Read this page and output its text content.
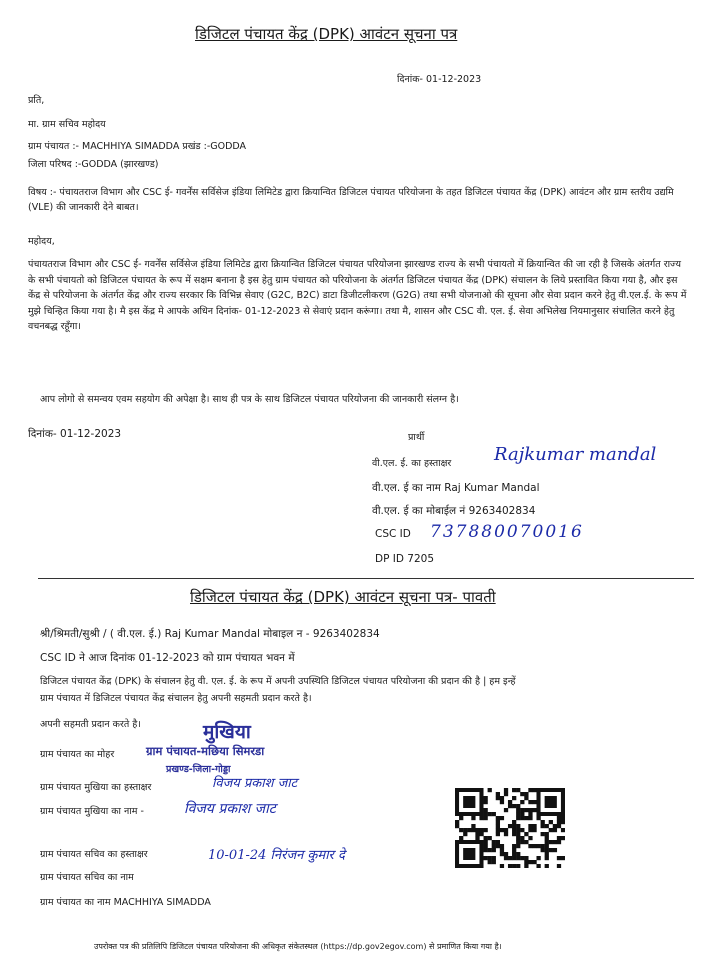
डिजिटल पंचायत केंद्र (DPK) आवंटन सूचना पत्र
दिनांक- 01-12-2023
प्रति,
मा. ग्राम सचिव महोदय
ग्राम पंचायत :- MACHHIYA SIMADDA प्रखंड :-GODDA
जिला परिषद :-GODDA (झारखण्ड)
विषय :- पंचायतराज विभाग और CSC ई- गवर्नेंस सर्विसेज इंडिया लिमिटेड द्वारा क्रियान्वित डिजिटल पंचायत परियोजना के तहत डिजिटल पंचायत केंद्र (DPK) आवंटन और ग्राम स्तरीय उद्यमि (VLE) की जानकारी देने बाबत।
महोदय,
पंचायतराज विभाग और CSC ई- गवर्नेंस सर्विसेज इंडिया लिमिटेड द्वारा क्रियान्वित डिजिटल पंचायत परियोजना झारखण्ड राज्य के सभी पंचायतो में क्रियान्वित की जा रही है जिसके अंतर्गत राज्य के सभी पंचायतो को डिजिटल पंचायत के रूप में सक्षम बनाना है इस हेतु ग्राम पंचायत को परियोजना के अंतर्गत डिजिटल पंचायत केंद्र (DPK) संचालन के लिये प्रस्तावित किया गया है, और इस केंद्र से परियोजना के अंतर्गत केंद्र और राज्य सरकार कि विभिन्न सेवाए (G2C, B2C) डाटा डिजीटलीकरण (G2G) तथा सभी योजनाओ की सूचना और सेवा प्रदान करने हेतु वी.एल.ई. के रूप में मुझे चिन्हित किया गया है। मै इस केंद्र मे आपके अधिन दिनांक- 01-12-2023 से सेवाएं प्रदान करूंगा। तथा मै, शासन और CSC वी. एल. ई. सेवा अभिलेख नियमानुसार संचालित करने हेतु वचनबद्ध रहूँगा।
आप लोगो से समन्वय एवम सहयोग की अपेक्षा है। साथ ही पत्र के साथ डिजिटल पंचायत परियोजना की जानकारी संलग्न है।
दिनांक- 01-12-2023	प्रार्थी
वी.एल. ई. का हस्ताक्षर Rajkumar mandal
वी.एल. ई का नाम Raj Kumar Mandal
वी.एल. ई का मोबाईल नं 9263402834
CSC ID 737880070016
DP ID 7205
डिजिटल पंचायत केंद्र (DPK) आवंटन सूचना पत्र- पावती
श्री/श्रिमती/सुश्री / ( वी.एल. ई.) Raj Kumar Mandal मोबाइल न - 9263402834
CSC ID ने आज दिनांक 01-12-2023 को ग्राम पंचायत भवन में
डिजिटल पंचायत केंद्र (DPK) के संचालन हेतु वी. एल. ई. के रूप में अपनी उपस्थिति डिजिटल पंचायत परियोजना की प्रदान की है | हम इन्हें
ग्राम पंचायत में डिजिटल पंचायत केंद्र संचालन हेतु अपनी सहमती प्रदान करते है।
अपनी सहमती प्रदान करते है।	मुखिया
ग्राम पंचायत का मोहर	ग्राम पंचायत-मछिया सिमरडा
प्रखण्ड-जिला-गोड्डा
ग्राम पंचायत मुखिया का हस्ताक्षर	विजय प्रकाश जाट
ग्राम पंचायत मुखिया का नाम -	विजय प्रकाश जाट
ग्राम पंचायत सचिव का हस्ताक्षर	10-01-24 निरंजन कुमार दे
ग्राम पंचायत सचिव का नाम
ग्राम पंचायत का नाम MACHHIYA SIMADDA
उपरोक्त पत्र की प्रतिलिपि डिजिटल पंचायत परियोजना की अधिकृत संकेतस्थल (https://dp.gov2egov.com) से प्रमाणित किया गया है।
